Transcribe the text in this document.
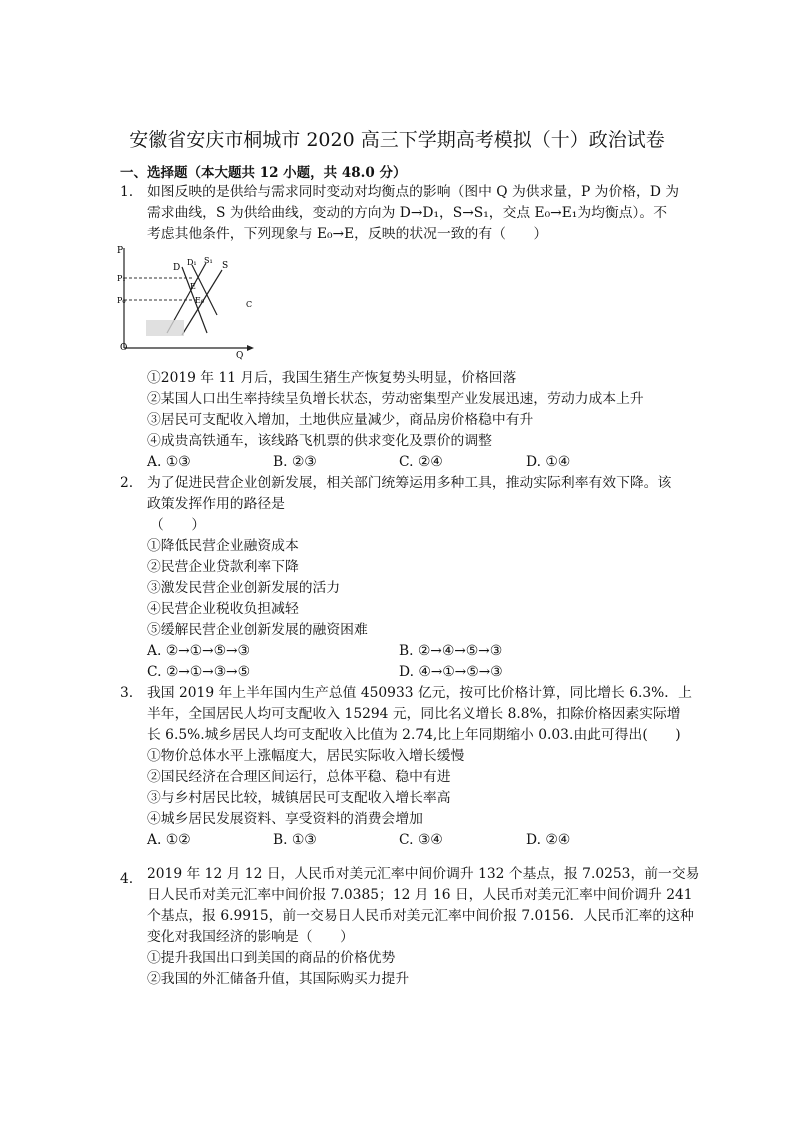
安徽省安庆市桐城市 2020 高三下学期高考模拟（十）政治试卷
一、选择题（本大题共 12 小题，共 48.0 分）
1. 如图反映的是供给与需求同时变动对均衡点的影响（图中 Q 为供求量，P 为价格，D 为
需求曲线，S 为供给曲线，变动的方向为 D→D₁，S→S₁，交点 E₀→E₁为均衡点）。不
考虑其他条件，下列现象与 E₀→E，反映的状况一致的有（　　）
P
P₁
P₀
O
Q
D
D₁ S₁
S
E
E₀	C
①2019 年 11 月后，我国生猪生产恢复势头明显，价格回落
②某国人口出生率持续呈负增长状态，劳动密集型产业发展迅速，劳动力成本上升
③居民可支配收入增加，土地供应量减少，商品房价格稳中有升
④成贵高铁通车，该线路飞机票的供求变化及票价的调整
A. ①③	B. ②③	C. ②④	D. ①④
2. 为了促进民营企业创新发展，相关部门统筹运用多种工具，推动实际利率有效下降。该
政策发挥作用的路径是
（　　）
①降低民营企业融资成本
②民营企业贷款利率下降
③激发民营企业创新发展的活力
④民营企业税收负担减轻
⑤缓解民营企业创新发展的融资困难
A. ②→①→⑤→③	B. ②→④→⑤→③
C. ②→①→③→⑤	D. ④→①→⑤→③
3. 我国 2019 年上半年国内生产总值 450933 亿元，按可比价格计算，同比增长 6.3%．上
半年，全国居民人均可支配收入 15294 元，同比名义增长 8.8%，扣除价格因素实际增
长 6.5%.城乡居民人均可支配收入比值为 2.74,比上年同期缩小 0.03.由此可得出(　　)
①物价总体水平上涨幅度大，居民实际收入增长缓慢
②国民经济在合理区间运行，总体平稳、稳中有进
③与乡村居民比较，城镇居民可支配收入增长率高
④城乡居民发展资料、享受资料的消费会增加
A. ①②	B. ①③	C. ③④	D. ②④
4. 2019 年 12 月 12 日，人民币对美元汇率中间价调升 132 个基点，报 7.0253，前一交易
日人民币对美元汇率中间价报 7.0385；12 月 16 日，人民币对美元汇率中间价调升 241
个基点，报 6.9915，前一交易日人民币对美元汇率中间价报 7.0156．人民币汇率的这种
变化对我国经济的影响是（　　）
①提升我国出口到美国的商品的价格优势
②我国的外汇储备升值，其国际购买力提升
